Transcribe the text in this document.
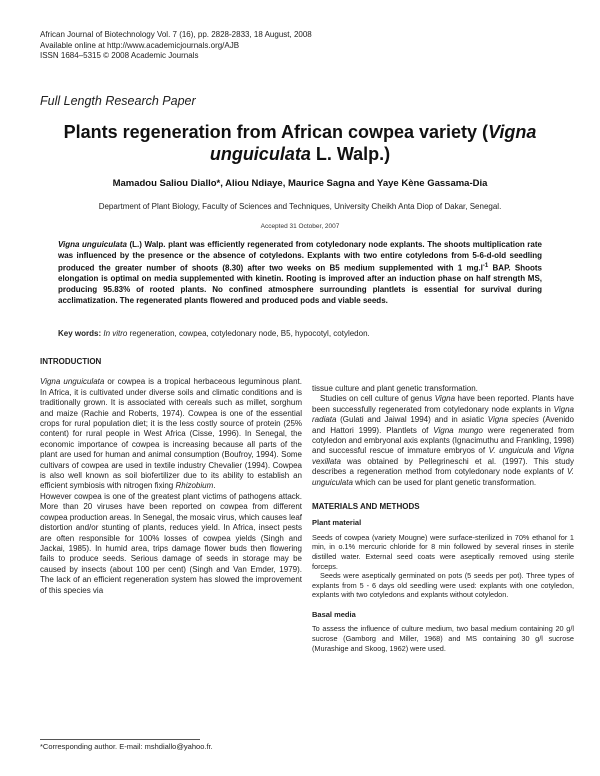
African Journal of Biotechnology Vol. 7 (16), pp. 2828-2833, 18 August, 2008
Available online at http://www.academicjournals.org/AJB
ISSN 1684–5315 © 2008 Academic Journals
Full Length Research Paper
Plants regeneration from African cowpea variety (Vigna
unguiculata L. Walp.)
Mamadou Saliou Diallo*, Aliou Ndiaye, Maurice Sagna and Yaye Kène Gassama-Dia
Department of Plant Biology, Faculty of Sciences and Techniques, University Cheikh Anta Diop of Dakar, Senegal.
Accepted 31 October, 2007
Vigna unguiculata (L.) Walp. plant was efficiently regenerated from cotyledonary node explants. The shoots multiplication rate was influenced by the presence or the absence of cotyledons. Explants with two entire cotyledons from 5-6-d-old seedling produced the greater number of shoots (8.30) after two weeks on B5 medium supplemented with 1 $mg.l^{-1}$ BAP. Shoots elongation is optimal on media supplemented with kinetin. Rooting is improved after an induction phase on half strength MS, producing 95.83% of rooted plants. No confined atmosphere surrounding plantlets is essential for survival during acclimatization. The regenerated plants flowered and produced pods and viable seeds.
Key words: In vitro regeneration, cowpea, cotyledonary node, B5, hypocotyl, cotyledon.
INTRODUCTION

Vigna unguiculata or cowpea is a tropical herbaceous leguminous plant. In Africa, it is cultivated under diverse soils and climatic conditions and is traditionally grown. It is associated with cereals such as millet, sorghum and maize (Rachie and Roberts, 1974). Cowpea is one of the essential crops for rural population diet; it is the less costly source of protein (25% content) for rural people in West Africa (Cisse, 1996). In Senegal, the economic importance of cowpea is increasing because all parts of the plant are used for human and animal consumption (Boufroy, 1994). Some cultivars of cowpea are used in textile industry Chevalier (1994). Cowpea is also well known as soil biofertilizer due to its ability to establish an efficient symbiosis with nitrogen fixing Rhizobium.

However cowpea is one of the greatest plant victims of pathogens attack. More than 20 viruses have been reported on cowpea from different cowpea production areas. In Senegal, the mosaic virus, which causes leaf distortion and/or stunting of plants, reduces yield. In Africa, insect pests are often responsible for 100% losses of cowpea yields (Singh and Jackai, 1985). In humid area, trips damage flower buds then flowering fails to produce seeds. Serious damage of seeds in storage may be caused by insects (about 100 per cent) (Singh and Van Emder, 1979). The lack of an efficient regeneration system has slowed the improvement of this species via

tissue culture and plant genetic transformation.

Studies on cell culture of genus Vigna have been reported. Plants have been successfully regenerated from cotyledonary node explants in Vigna radiata (Gulati and Jaiwal 1994) and in asiatic Vigna species (Avenido and Hattori 1999). Plantlets of Vigna mungo were regenerated from cotyledon and embryonal axis explants (Ignacimuthu and Frankling, 1998) and successful rescue of immature embryos of V. unguicula and Vigna vexillata was obtained by Pellegrineschi et al. (1997). This study describes a regeneration method from cotyledonary node explants of V. unguiculata which can be used for plant genetic transformation.

MATERIALS AND METHODS
Plant material

Seeds of cowpea (variety Mougne) were surface-sterilized in 70% ethanol for 1 min, in o.1% mercuric chloride for 8 min followed by several rinses in sterile distilled water. External seed coats were aseptically removed using sterile forceps.

Seeds were aseptically germinated on pots (5 seeds per pot). Three types of explants from 5 - 6 days old seedling were used: explants with one cotyledon, explants with two cotyledons and explants without cotyledon.

Basal media

To assess the influence of culture medium, two basal medium containing 20 g/l sucrose (Gamborg and Miller, 1968) and MS containing 30 g/l sucrose (Murashige and Skoog, 1962) were used.

*Corresponding author. E-mail: mshdiallo@yahoo.fr.
